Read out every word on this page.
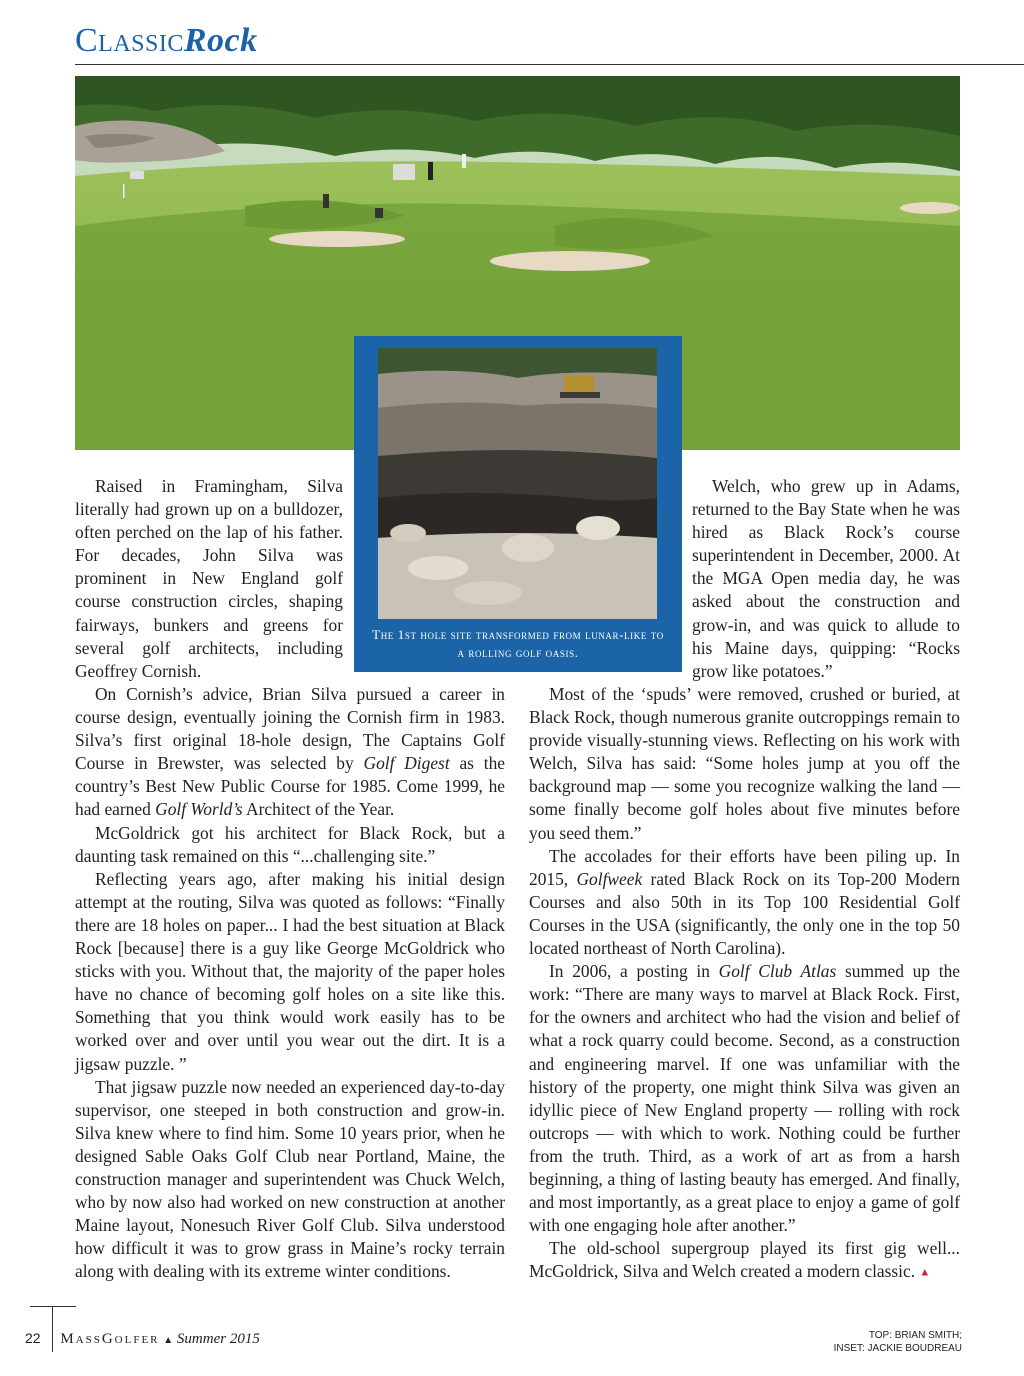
ClassicRock
The 1st hole site transformed from lunar-like to a rolling golf oasis.

Raised in Framingham, Silva literally had grown up on a bulldozer, often perched on the lap of his father. For decades, John Silva was prominent in New England golf course construction circles, shaping fairways, bunkers and greens for several golf architects, including Geoffrey Cornish.

On Cornish’s advice, Brian Silva pursued a career in course design, eventually joining the Cornish firm in 1983. Silva’s first original 18-hole design, The Captains Golf Course in Brewster, was selected by Golf Digest as the country’s Best New Public Course for 1985. Come 1999, he had earned Golf World’s Architect of the Year.

McGoldrick got his architect for Black Rock, but a daunting task remained on this “...challenging site.”

Reflecting years ago, after making his initial design attempt at the routing, Silva was quoted as follows: “Finally there are 18 holes on paper... I had the best situation at Black Rock [because] there is a guy like George McGoldrick who sticks with you. Without that, the majority of the paper holes have no chance of becoming golf holes on a site like this. Something that you think would work easily has to be worked over and over until you wear out the dirt. It is a jigsaw puzzle. ”

That jigsaw puzzle now needed an experienced day-to-day supervisor, one steeped in both construction and grow-in. Silva knew where to find him. Some 10 years prior, when he designed Sable Oaks Golf Club near Portland, Maine, the construction manager and superintendent was Chuck Welch, who by now also had worked on new construction at another Maine layout, Nonesuch River Golf Club. Silva understood how difficult it was to grow grass in Maine’s rocky terrain along with dealing with its extreme winter conditions.

Welch, who grew up in Adams, returned to the Bay State when he was hired as Black Rock’s course superintendent in December, 2000. At the MGA Open media day, he was asked about the construction and grow-in, and was quick to allude to his Maine days, quipping: “Rocks grow like potatoes.”

Most of the ‘spuds’ were removed, crushed or buried, at Black Rock, though numerous granite outcroppings remain to provide visually-stunning views. Reflecting on his work with Welch, Silva has said: “Some holes jump at you off the background map — some you recognize walking the land — some finally become golf holes about five minutes before you seed them.”

The accolades for their efforts have been piling up. In 2015, Golfweek rated Black Rock on its Top-200 Modern Courses and also 50th in its Top 100 Residential Golf Courses in the USA (significantly, the only one in the top 50 located northeast of North Carolina).

In 2006, a posting in Golf Club Atlas summed up the work: “There are many ways to marvel at Black Rock. First, for the owners and architect who had the vision and belief of what a rock quarry could become. Second, as a construction and engineering marvel. If one was unfamiliar with the history of the property, one might think Silva was given an idyllic piece of New England property — rolling with rock outcrops — with which to work. Nothing could be further from the truth. Third, as a work of art as from a harsh beginning, a thing of lasting beauty has emerged. And finally, and most importantly, as a great place to enjoy a game of golf with one engaging hole after another.”

The old-school supergroup played its first gig well... McGoldrick, Silva and Welch created a modern classic. ▲

22 MassGolfer ▲ Summer 2015	TOP: BRIAN SMITH;
INSET: JACKIE BOUDREAU
